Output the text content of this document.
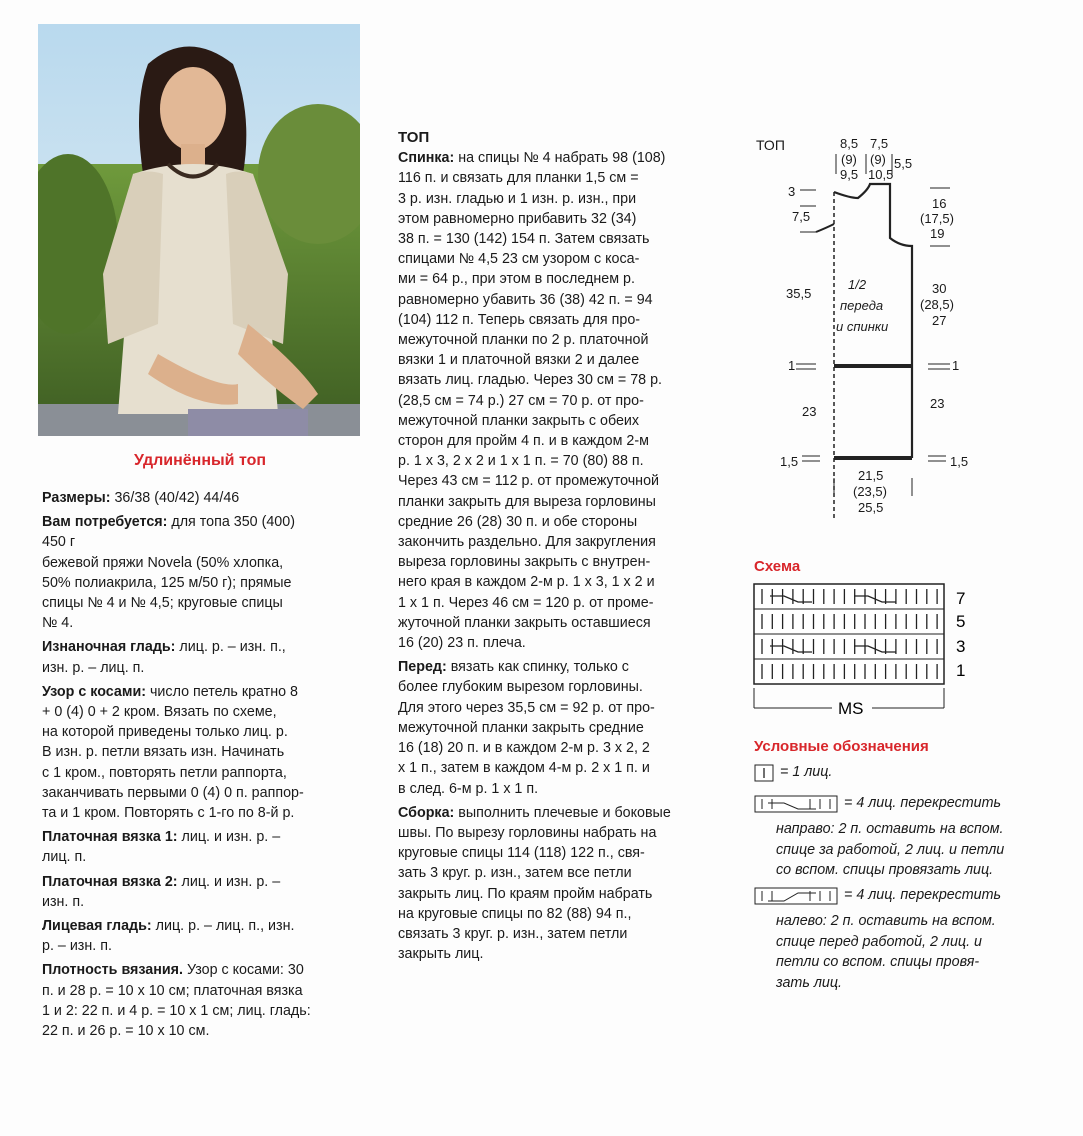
Удлинённый топ

Размеры: 36/38 (40/42) 44/46

Вам потребуется: для топа 350 (400)
450 г
бежевой пряжи Novela (50% хлопка,
50% полиакрила, 125 м/50 г); прямые
спицы № 4 и № 4,5; круговые спицы
№ 4.

Изнаночная гладь: лиц. р. – изн. п.,
изн. р. – лиц. п.

Узор с косами: число петель кратно 8
+ 0 (4) 0 + 2 кром. Вязать по схеме,
на которой приведены только лиц. р.
В изн. р. петли вязать изн. Начинать
с 1 кром., повторять петли раппорта,
заканчивать первыми 0 (4) 0 п. раппор-
та и 1 кром. Повторять с 1-го по 8-й р.

Платочная вязка 1: лиц. и изн. р. –
лиц. п.

Платочная вязка 2: лиц. и изн. р. –
изн. п.

Лицевая гладь: лиц. р. – лиц. п., изн.
р. – изн. п.

Плотность вязания. Узор с косами: 30
п. и 28 р. = 10 х 10 см; платочная вязка
1 и 2: 22 п. и 4 р. = 10 х 1 см; лиц. гладь:
22 п. и 26 р. = 10 х 10 см.

ТОП

Спинка: на спицы № 4 набрать 98 (108)
116 п. и связать для планки 1,5 см =
3 р. изн. гладью и 1 изн. р. изн., при
этом равномерно прибавить 32 (34)
38 п. = 130 (142) 154 п. Затем связать
спицами № 4,5 23 см узором с коса-
ми = 64 р., при этом в последнем р.
равномерно убавить 36 (38) 42 п. = 94
(104) 112 п. Теперь связать для про-
межуточной планки по 2 р. платочной
вязки 1 и платочной вязки 2 и далее
вязать лиц. гладью. Через 30 см = 78 р.
(28,5 см = 74 р.) 27 см = 70 р. от про-
межуточной планки закрыть с обеих
сторон для пройм 4 п. и в каждом 2-м
р. 1 х 3, 2 х 2 и 1 х 1 п. = 70 (80) 88 п.
Через 43 см = 112 р. от промежуточной
планки закрыть для выреза горловины
средние 26 (28) 30 п. и обе стороны
закончить раздельно. Для закругления
выреза горловины закрыть с внутрен-
него края в каждом 2-м р. 1 х 3, 1 х 2 и
1 х 1 п. Через 46 см = 120 р. от проме-
жуточной планки закрыть оставшиеся
16 (20) 23 п. плеча.

Перед: вязать как спинку, только с
более глубоким вырезом горловины.
Для этого через 35,5 см = 92 р. от про-
межуточной планки закрыть средние
16 (18) 20 п. и в каждом 2-м р. 3 х 2, 2
х 1 п., затем в каждом 4-м р. 2 х 1 п. и
в след. 6-м р. 1 х 1 п.

Сборка: выполнить плечевые и боковые
швы. По вырезу горловины набрать на
круговые спицы 114 (118) 122 п., свя-
зать 3 круг. р. изн., затем все петли
закрыть лиц. По краям пройм набрать
на круговые спицы по 82 (88) 94 п.,
связать 3 круг. р. изн., затем петли
закрыть лиц.

ТОП	8,5
(9)
9,5
7,5
(9)
10,5
5,5
3
7,5
35,5
16
(17,5)
19
30
(28,5)
27
1/2
переда
и спинки
1	1
23
23
1,5	1,5
21,5
(23,5)
25,5
Схема
7
5
3
1
MS
Условные обозначения
= 1 лиц.
= 4 лиц. перекрестить
направо: 2 п. оставить на вспом.
спице за работой, 2 лиц. и петли
со вспом. спицы провязать лиц.
= 4 лиц. перекрестить
налево: 2 п. оставить на вспом.
спице перед работой, 2 лиц. и
петли со вспом. спицы провя-
зать лиц.
